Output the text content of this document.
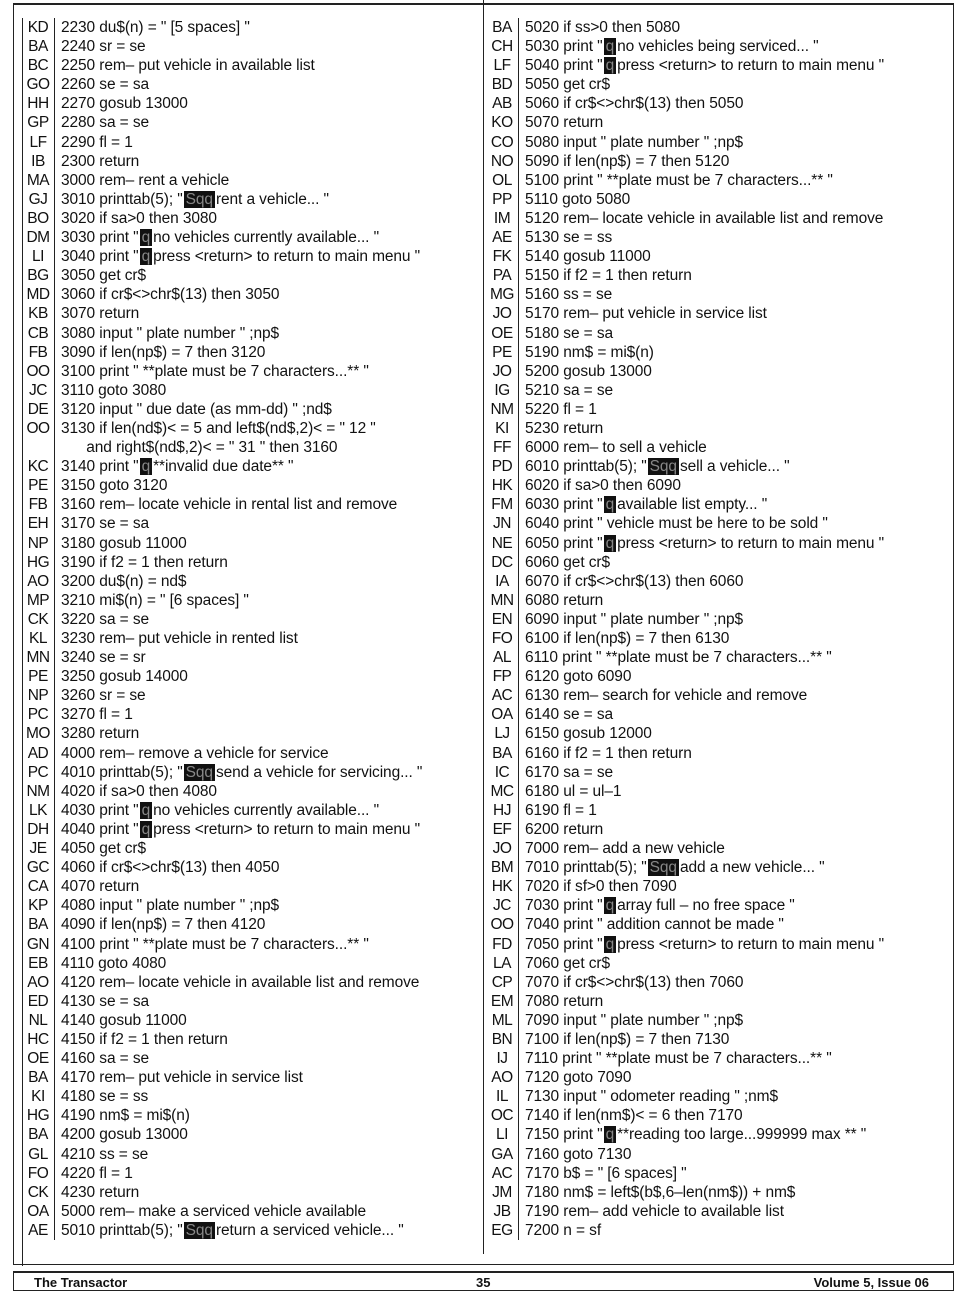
KD 2230 du$(n) = " [5 spaces] "
BA 2240 sr = se
BC 2250 rem– put vehicle in available list
GO 2260 se = sa
HH 2270 gosub 13000
GP 2280 sa = se
LF 2290 fl = 1
IB	2300 return
MA 3000 rem– rent a vehicle
GJ 3010 printtab(5); " Sqq rent a vehicle... "
BO 3020 if sa>0 then 3080
DM 3030 print " q no vehicles currently available... "
LI	3040 print " q press <return> to return to main menu "
BG 3050 get cr$
MD 3060 if cr$<>chr$(13) then 3050
KB 3070 return
CB 3080 input " plate number " ;np$
FB 3090 if len(np$) = 7 then 3120
OO 3100 print " **plate must be 7 characters...** "
JC 3110 goto 3080
DE 3120 input " due date (as mm-dd) " ;nd$
OO 3130 if len(nd$)< = 5 and left$(nd$,2)< = " 12 "
and right$(nd$,2)< = " 31 " then 3160
KC 3140 print " q **invalid due date** "
PE 3150 goto 3120
FB 3160 rem– locate vehicle in rental list and remove
EH 3170 se = sa
NP 3180 gosub 11000
HG 3190 if f2 = 1 then return
AO 3200 du$(n) = nd$
MP 3210 mi$(n) = " [6 spaces] "
CK 3220 sa = se
KL 3230 rem– put vehicle in rented list
MN 3240 se = sr
PE 3250 gosub 14000
NP 3260 sr = se
PC 3270 fl = 1
MO 3280 return
AD 4000 rem– remove a vehicle for service
PC 4010 printtab(5); " Sqq send a vehicle for servicing... "
NM 4020 if sa>0 then 4080
LK 4030 print " q no vehicles currently available... "
DH 4040 print " q press <return> to return to main menu "
JE 4050 get cr$
GC 4060 if cr$<>chr$(13) then 4050
CA 4070 return
KP 4080 input " plate number " ;np$
BA 4090 if len(np$) = 7 then 4120
GN 4100 print " **plate must be 7 characters...** "
EB 4110 goto 4080
AO 4120 rem– locate vehicle in available list and remove
ED 4130 se = sa
NL 4140 gosub 11000
HC 4150 if f2 = 1 then return
OE 4160 sa = se
BA 4170 rem– put vehicle in service list
KI	4180 se = ss
HG 4190 nm$ = mi$(n)
BA 4200 gosub 13000
GL 4210 ss = se
FO 4220 fl = 1
CK 4230 return
OA 5000 rem– make a serviced vehicle available
AE 5010 printtab(5); " Sqq return a serviced vehicle... "
BA 5020 if ss>0 then 5080
CH 5030 print " q no vehicles being serviced... "
LF 5040 print " q press <return> to return to main menu "
BD 5050 get cr$
AB 5060 if cr$<>chr$(13) then 5050
KO 5070 return
CO 5080 input " plate number " ;np$
NO 5090 if len(np$) = 7 then 5120
OL 5100 print " **plate must be 7 characters...** "
PP 5110 goto 5080
IM 5120 rem– locate vehicle in available list and remove
AE 5130 se = ss
FK 5140 gosub 11000
PA 5150 if f2 = 1 then return
MG 5160 ss = se
JO 5170 rem– put vehicle in service list
OE 5180 se = sa
PE 5190 nm$ = mi$(n)
JO 5200 gosub 13000
IG 5210 sa = se
NM 5220 fl = 1
KI	5230 return
FF 6000 rem– to sell a vehicle
PD 6010 printtab(5); " Sqq sell a vehicle... "
HK 6020 if sa>0 then 6090
FM 6030 print " q available list empty... "
JN 6040 print " vehicle must be here to be sold "
NE 6050 print " q press <return> to return to main menu "
DC 6060 get cr$
IA	6070 if cr$<>chr$(13) then 6060
MN 6080 return
EN 6090 input " plate number " ;np$
FO 6100 if len(np$) = 7 then 6130
AL 6110 print " **plate must be 7 characters...** "
FP 6120 goto 6090
AC 6130 rem– search for vehicle and remove
OA 6140 se = sa
LJ 6150 gosub 12000
BA 6160 if f2 = 1 then return
IC	6170 sa = se
MC 6180 ul = ul–1
HJ 6190 fl = 1
EF 6200 return
JO 7000 rem– add a new vehicle
BM 7010 printtab(5); " Sqq add a new vehicle... "
HK 7020 if sf>0 then 7090
JC 7030 print " q array full – no free space "
OO 7040 print " addition cannot be made "
FD 7050 print " q press <return> to return to main menu "
LA 7060 get cr$
CP 7070 if cr$<>chr$(13) then 7060
EM 7080 return
ML 7090 input " plate number " ;np$
BN 7100 if len(np$) = 7 then 7130
IJ	7110 print " **plate must be 7 characters...** "
AO 7120 goto 7090
IL	7130 input " odometer reading " ;nm$
OC 7140 if len(nm$)< = 6 then 7170
LI	7150 print " q **reading too large...999999 max ** "
GA 7160 goto 7130
AC 7170 b$ = " [6 spaces] "
JM 7180 nm$ = left$(b$,6–len(nm$)) + nm$
JB 7190 rem– add vehicle to available list
EG 7200 n = sf
The Transactor	35	Volume 5, Issue 06
